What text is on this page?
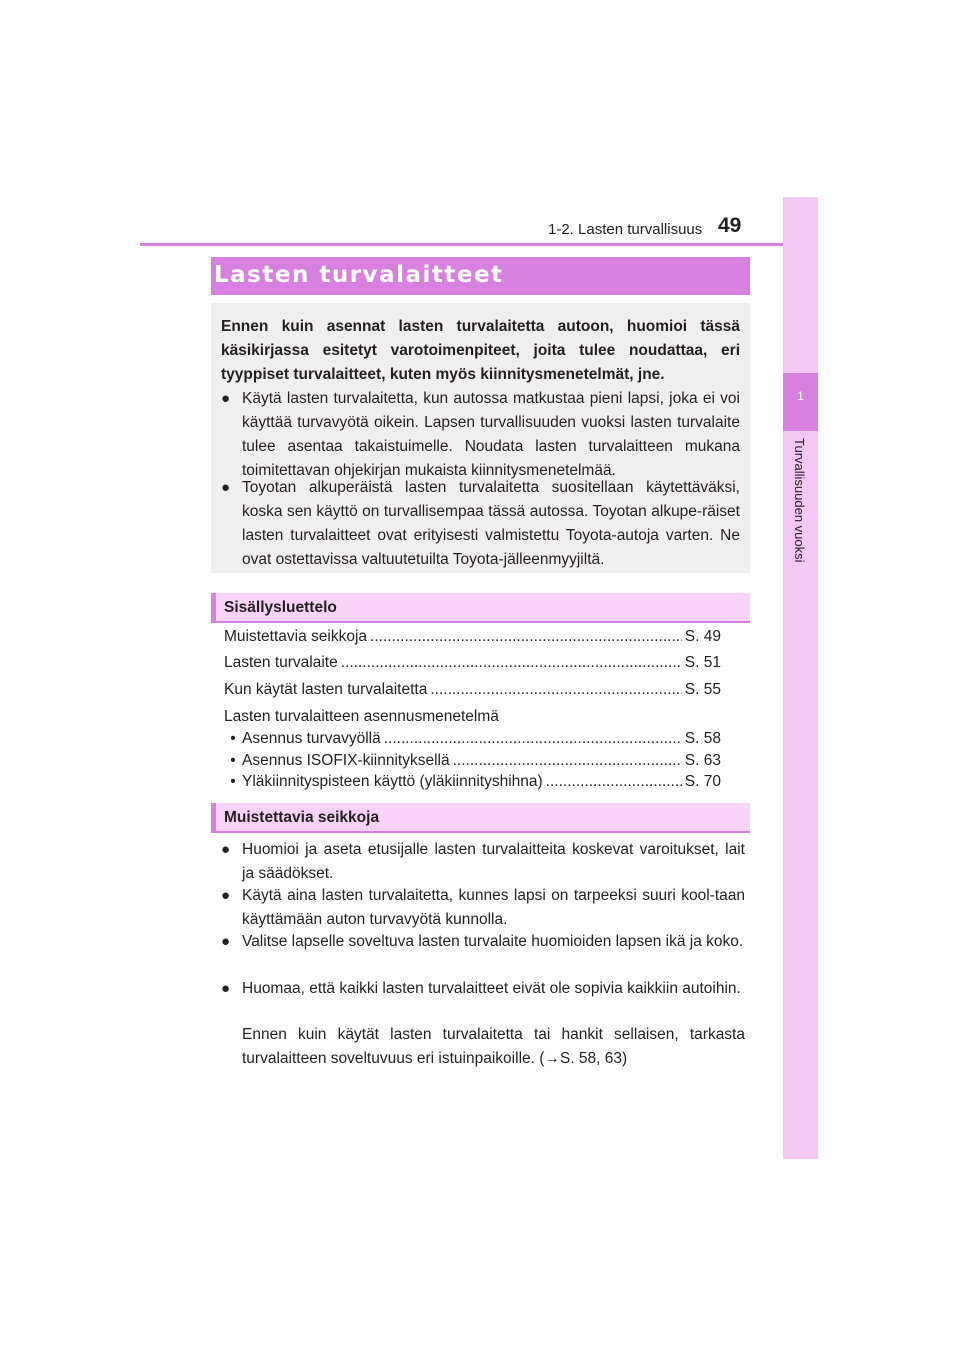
1-2. Lasten turvallisuus 49
1
Turvallisuuden vuoksi
Lasten turvalaitteet
Ennen kuin asennat lasten turvalaitetta autoon, huomioi tässä käsikirjassa esitetyt varotoimenpiteet, joita tulee noudattaa, eri tyyppiset turvalaitteet, kuten myös kiinnitysmenetelmät, jne.
● Käytä lasten turvalaitetta, kun autossa matkustaa pieni lapsi, joka ei voi käyttää turvavyötä oikein. Lapsen turvallisuuden vuoksi lasten turvalaite tulee asentaa takaistuimelle. Noudata lasten turvalaitteen mukana toimitettavan ohjekirjan mukaista kiinnitysmenetelmää.
● Toyotan alkuperäistä lasten turvalaitetta suositellaan käytettäväksi, koska sen käyttö on turvallisempaa tässä autossa. Toyotan alkupe-räiset lasten turvalaitteet ovat erityisesti valmistettu Toyota-autoja varten. Ne ovat ostettavissa valtuutetuilta Toyota-jälleenmyyjiltä.
Sisällysluettelo
Muistettavia seikkoja .....	S. 49
Lasten turvalaite .....	S. 51
Kun käytät lasten turvalaitetta .....	S. 55
Lasten turvalaitteen asennusmenetelmä
• Asennus turvavyöllä .....	S. 58
• Asennus ISOFIX-kiinnityksellä .....	S. 63
• Yläkiinnityspisteen käyttö (yläkiinnityshihna) .....	S. 70
Muistettavia seikkoja
● Huomioi ja aseta etusijalle lasten turvalaitteita koskevat varoitukset, lait ja säädökset.
● Käytä aina lasten turvalaitetta, kunnes lapsi on tarpeeksi suuri kool-taan käyttämään auton turvavyötä kunnolla.
● Valitse lapselle soveltuva lasten turvalaite huomioiden lapsen ikä ja koko.
● Huomaa, että kaikki lasten turvalaitteet eivät ole sopivia kaikkiin autoihin.
Ennen kuin käytät lasten turvalaitetta tai hankit sellaisen, tarkasta turvalaitteen soveltuvuus eri istuinpaikoille. (→S. 58, 63)
